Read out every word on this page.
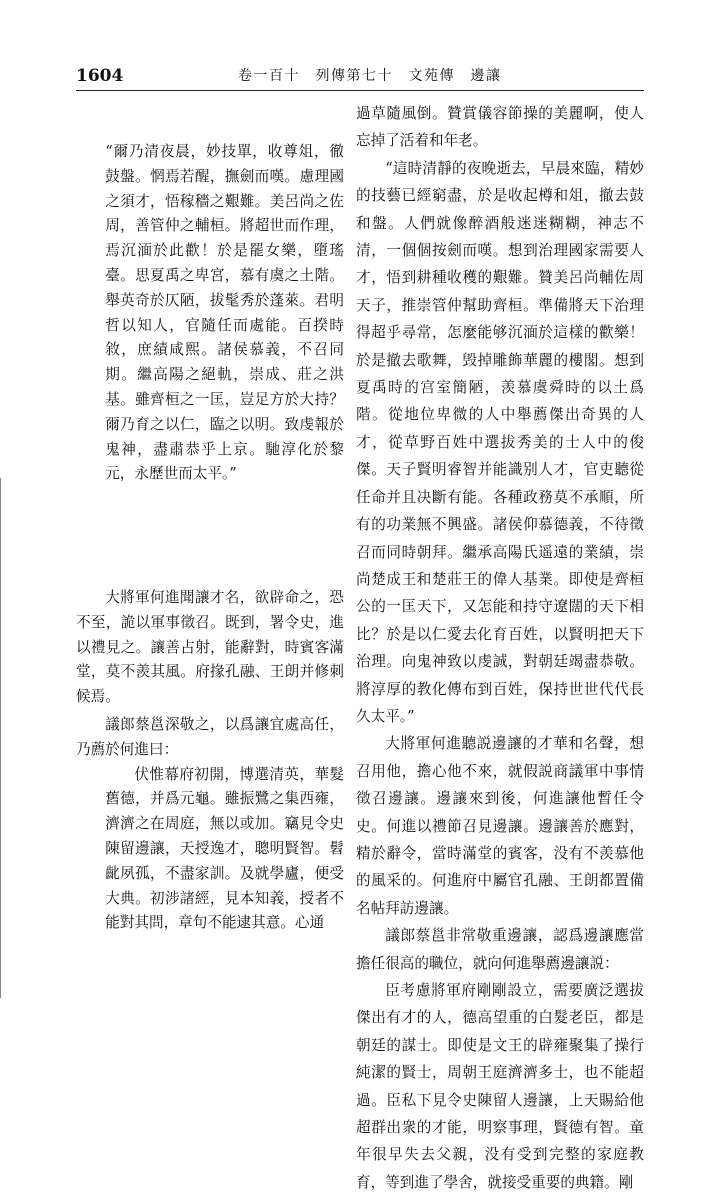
1604	卷一百十　列傳第七十　文苑傳　邊讓

“爾乃清夜晨，妙技單，收尊俎，徹鼓盤。惘焉若醒，撫劍而嘆。慮理國之須才，悟稼穡之艱難。美呂尚之佐周，善管仲之輔桓。將超世而作理，焉沉湎於此歡！於是罷女樂，墮瑤臺。思夏禹之卑宮，慕有虞之土階。舉英奇於仄陋，拔髦秀於蓬萊。君明哲以知人，官隨任而處能。百揆時敘，庶績咸熙。諸侯慕義，不召同期。繼高陽之絕軌，崇成、莊之洪基。雖齊桓之一匡，豈足方於大持？爾乃育之以仁，臨之以明。致虔報於鬼神，盡肅恭乎上京。馳淳化於黎元，永歷世而太平。”

大將軍何進聞讓才名，欲辟命之，恐不至，詭以軍事徵召。既到，署令史，進以禮見之。讓善占射，能辭對，時賓客滿堂，莫不羨其風。府掾孔融、王朗并修刺候焉。

議郎蔡邕深敬之，以爲讓宜處高任，乃薦於何進曰：

伏惟幕府初開，博選清英，華髮舊德，并爲元龜。雖振鷺之集西雍，濟濟之在周庭，無以或加。竊見令史陳留邊讓，天授逸才，聰明賢智。髫齔夙孤，不盡家訓。及就學廬，便受大典。初涉諸經，見本知義，授者不能對其問，章句不能逮其意。心通

過草隨風倒。贊賞儀容節操的美麗啊，使人忘掉了活着和年老。

“這時清靜的夜晚逝去，早晨來臨，精妙的技藝已經窮盡，於是收起樽和俎，撤去鼓和盤。人們就像醉酒般迷迷糊糊，神志不清，一個個按劍而嘆。想到治理國家需要人才，悟到耕種收穫的艱難。贊美呂尚輔佐周天子，推崇管仲幫助齊桓。準備將天下治理得超乎尋常，怎麼能够沉湎於這樣的歡樂！於是撤去歌舞，毁掉雕飾華麗的樓閣。想到夏禹時的宫室簡陋，羡慕虞舜時的以土爲階。從地位卑微的人中舉薦傑出奇異的人才，從草野百姓中選拔秀美的士人中的俊傑。天子賢明睿智并能識别人才，官吏聽從任命并且决斷有能。各種政務莫不承順，所有的功業無不興盛。諸侯仰慕德義，不待徵召而同時朝拜。繼承高陽氏遥遠的業績，崇尚楚成王和楚莊王的偉人基業。即使是齊桓公的一匡天下，又怎能和持守遼闊的天下相比？於是以仁愛去化育百姓，以賢明把天下治理。向鬼神致以虔誠，對朝廷竭盡恭敬。將淳厚的教化傳布到百姓，保持世世代代長久太平。”

大將軍何進聽説邊讓的才華和名聲，想召用他，擔心他不來，就假説商議軍中事情徵召邊讓。邊讓來到後，何進讓他暫任令史。何進以禮節召見邊讓。邊讓善於應對，精於辭令，當時滿堂的賓客，没有不羡慕他的風采的。何進府中屬官孔融、王朗都置備名帖拜訪邊讓。

議郎蔡邕非常敬重邊讓，認爲邊讓應當擔任很高的職位，就向何進舉薦邊讓説：

臣考慮將軍府剛剛設立，需要廣泛選拔傑出有才的人，德高望重的白髮老臣，都是朝廷的謀士。即使是文王的辟雍聚集了操行純潔的賢士，周朝王庭濟濟多士，也不能超過。臣私下見令史陳留人邊讓，上天賜給他超群出衆的才能，明察事理，賢德有智。童年很早失去父親，没有受到完整的家庭教育，等到進了學舍，就接受重要的典籍。剛
